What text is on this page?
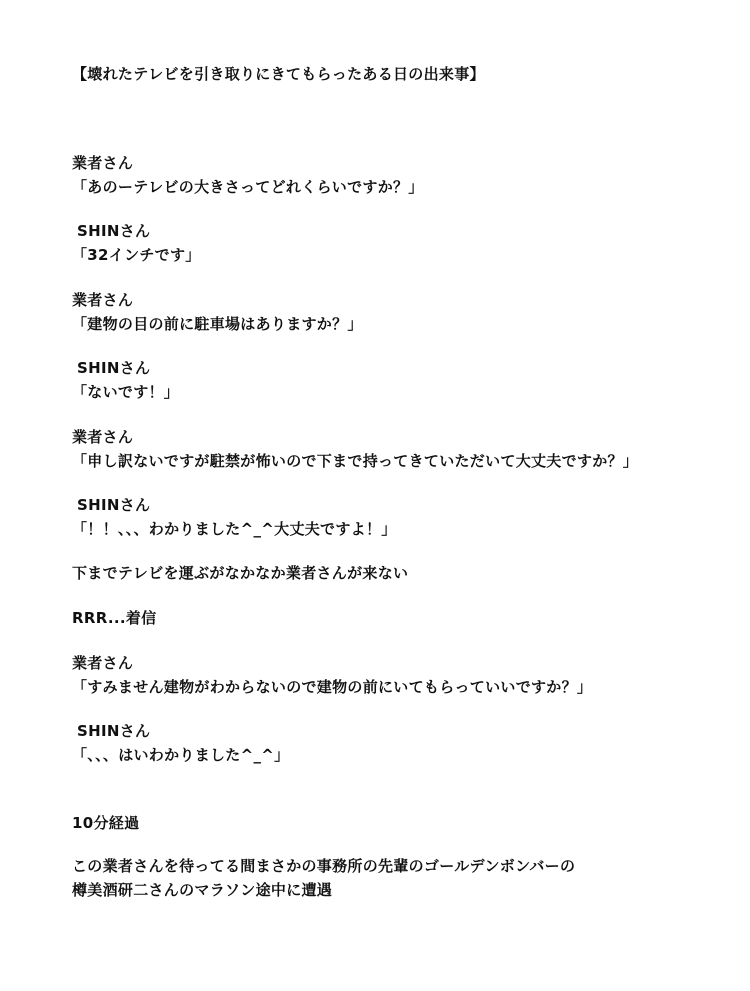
【壊れたテレビを引き取りにきてもらったある日の出来事】
業者さん
「あのーテレビの大きさってどれくらいですか？」
SHINさん
「32インチです」
業者さん
「建物の目の前に駐車場はありますか？」
SHINさん
「ないです！」
業者さん
「申し訳ないですが駐禁が怖いので下まで持ってきていただいて大丈夫ですか？」
SHINさん
「！！、、、わかりました^_^大丈夫ですよ！」
下までテレビを運ぶがなかなか業者さんが来ない
RRR...着信
業者さん
「すみません建物がわからないので建物の前にいてもらっていいですか？」
SHINさん
「、、、はいわかりました^_^」
10分経過
この業者さんを待ってる間まさかの事務所の先輩のゴールデンボンバーの
樽美酒研二さんのマラソン途中に遭遇
